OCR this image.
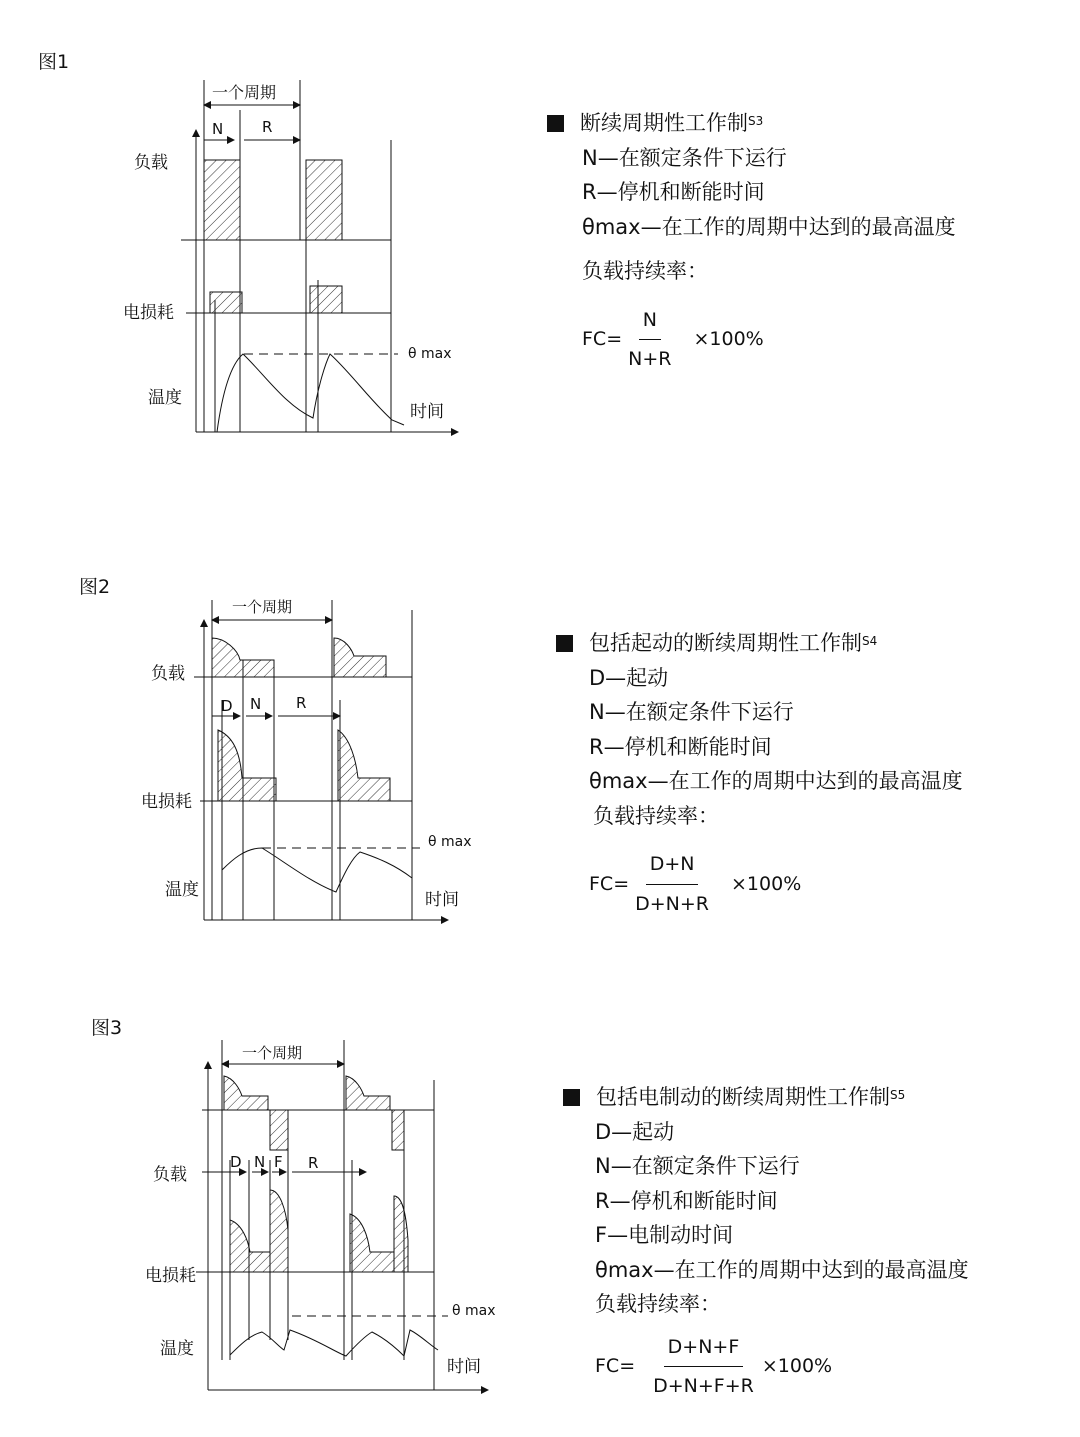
图1
一个周期
N	R
负载
电损耗
温度
θ max
时间
断续周期性工作制 S3
N—在额定条件下运行
R—停机和断能时间
θmax—在工作的周期中达到的最高温度
负载持续率：
$FC= \frac{N}{N+R} \times 100\%$
图2
一个周期
D N R
负载
电损耗
温度
θ max
时间
包括起动的断续周期性工作制 S4
D—起动
N—在额定条件下运行
R—停机和断能时间
θmax—在工作的周期中达到的最高温度
负载持续率：
$FC= \frac{D+N}{D+N+R} \times 100\%$
图3
一个周期
D N F R
负载
电损耗
温度
θ max
时间
包括电制动的断续周期性工作制 S5
D—起动
N—在额定条件下运行
R—停机和断能时间
F—电制动时间
θmax—在工作的周期中达到的最高温度
负载持续率：
$FC= \frac{D+N+F}{D+N+F+R} \times 100\%$
